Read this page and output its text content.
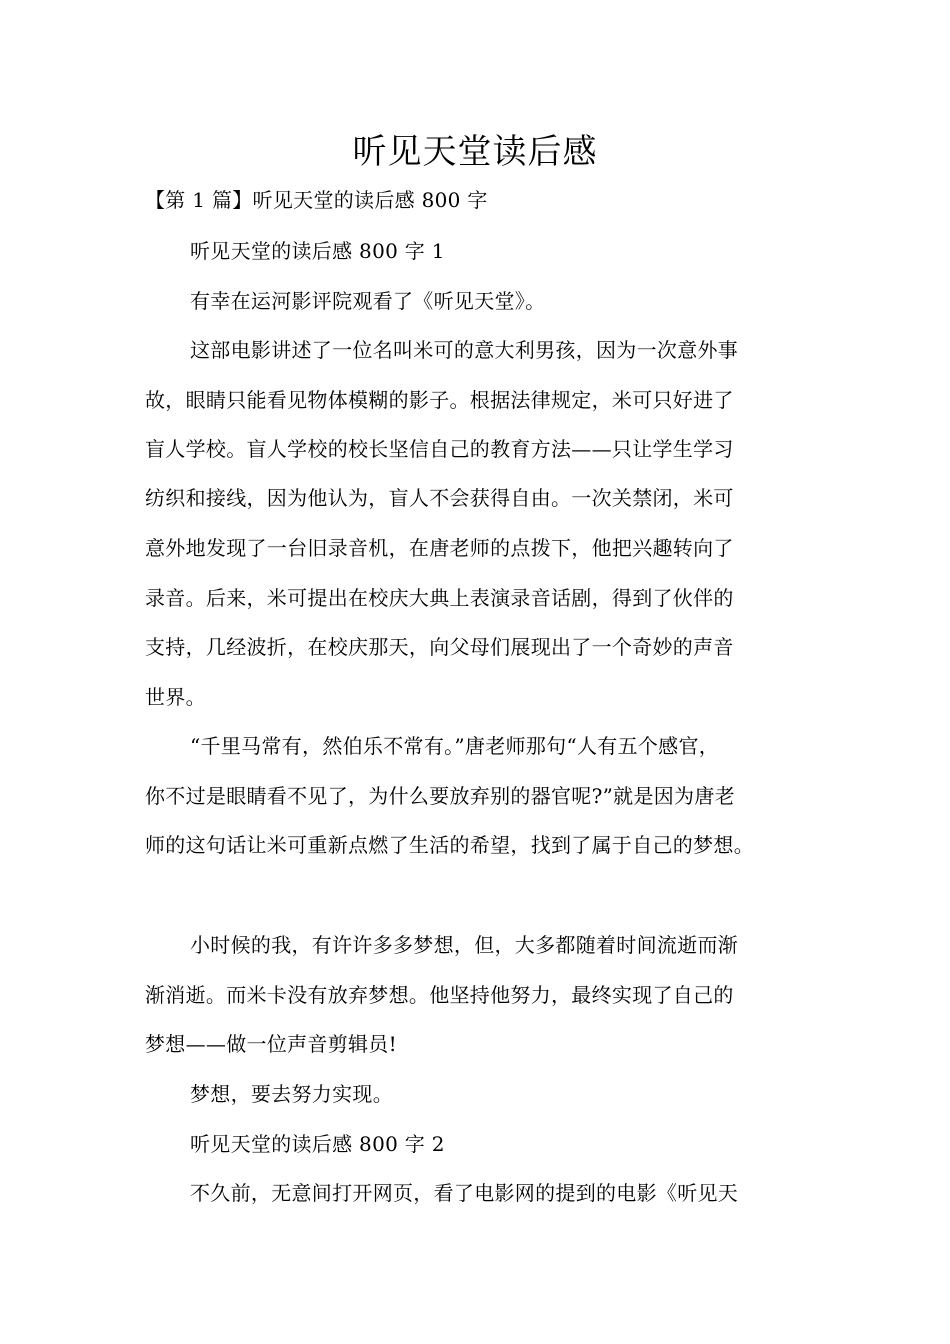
听见天堂读后感
【第 1 篇】听见天堂的读后感 800 字
听见天堂的读后感 800 字 1
有幸在运河影评院观看了《听见天堂》。
这部电影讲述了一位名叫米可的意大利男孩，因为一次意外事
故，眼睛只能看见物体模糊的影子。根据法律规定，米可只好进了
盲人学校。盲人学校的校长坚信自己的教育方法——只让学生学习
纺织和接线，因为他认为，盲人不会获得自由。一次关禁闭，米可
意外地发现了一台旧录音机，在唐老师的点拨下，他把兴趣转向了
录音。后来，米可提出在校庆大典上表演录音话剧，得到了伙伴的
支持，几经波折，在校庆那天，向父母们展现出了一个奇妙的声音
世界。
“千里马常有，然伯乐不常有。”唐老师那句“人有五个感官，
你不过是眼睛看不见了，为什么要放弃别的器官呢?”就是因为唐老
师的这句话让米可重新点燃了生活的希望，找到了属于自己的梦想。
小时候的我，有许许多多梦想，但，大多都随着时间流逝而渐
渐消逝。而米卡没有放弃梦想。他坚持他努力，最终实现了自己的
梦想——做一位声音剪辑员!
梦想，要去努力实现。
听见天堂的读后感 800 字 2
不久前，无意间打开网页，看了电影网的提到的电影《听见天
